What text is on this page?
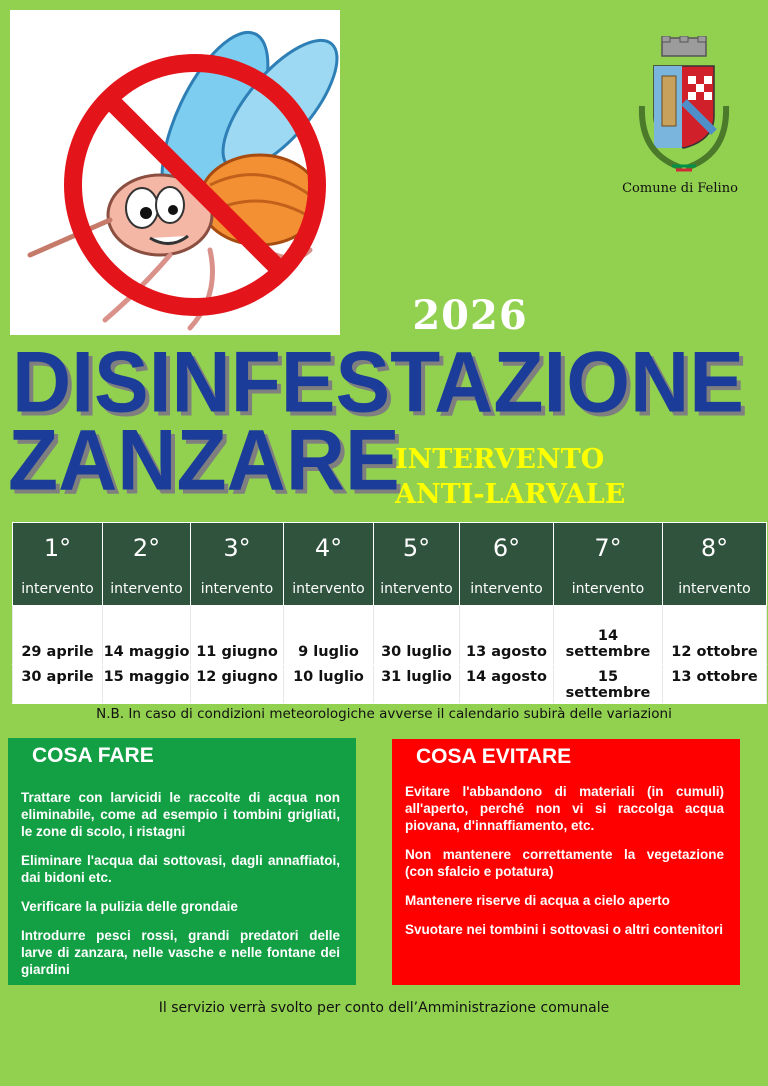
Comune di Felino
2026
DISINFESTAZIONE
ZANZARE
INTERVENTO
ANTI-LARVALE
1°	2°	3°	4°	5°	6°	7°	8°
intervento	intervento	intervento	intervento	intervento	intervento	intervento	intervento
29 aprile	14 maggio	11 giugno	9 luglio	30 luglio	13 agosto	14 settembre	12 ottobre
30 aprile	15 maggio	12 giugno	10 luglio	31 luglio	14 agosto	15 settembre	13 ottobre
N.B. In caso di condizioni meteorologiche avverse il calendario subirà delle variazioni
COSA FARE
Trattare con larvicidi le raccolte di acqua non eliminabile, come ad esempio i tombini grigliati, le zone di scolo, i ristagni
Eliminare l'acqua dai sottovasi, dagli annaffiatoi, dai bidoni etc.
Verificare la pulizia delle grondaie
Introdurre pesci rossi, grandi predatori delle larve di zanzara, nelle vasche e nelle fontane dei giardini
COSA EVITARE
Evitare l'abbandono di materiali (in cumuli) all'aperto, perché non vi si raccolga acqua piovana, d'innaffiamento, etc.
Non mantenere correttamente la vegetazione (con sfalcio e potatura)
Mantenere riserve di acqua a cielo aperto
Svuotare nei tombini i sottovasi o altri contenitori
Il servizio verrà svolto per conto dell’Amministrazione comunale
